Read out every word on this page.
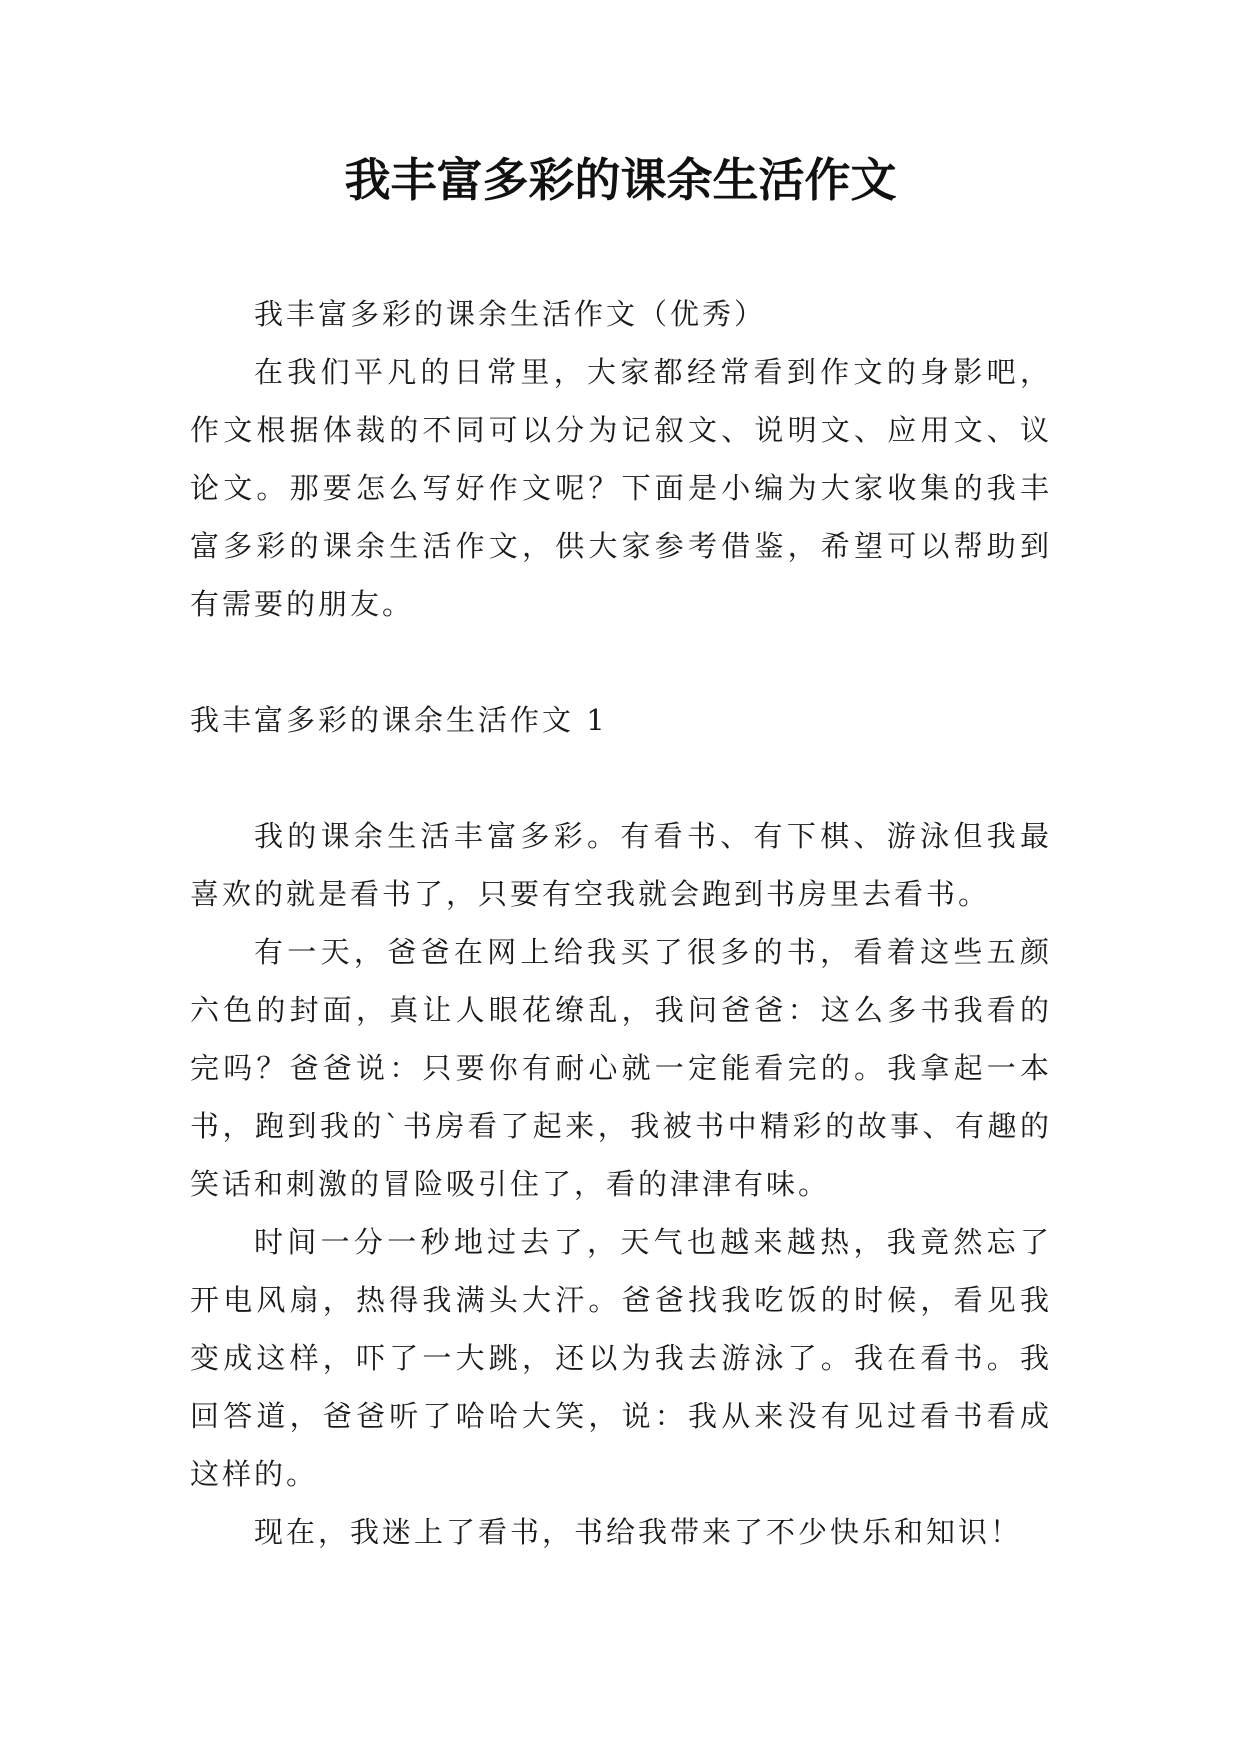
我丰富多彩的课余生活作文

我丰富多彩的课余生活作文（优秀）

在我们平凡的日常里，大家都经常看到作文的身影吧，作文根据体裁的不同可以分为记叙文、说明文、应用文、议论文。那要怎么写好作文呢？下面是小编为大家收集的我丰富多彩的课余生活作文，供大家参考借鉴，希望可以帮助到有需要的朋友。

我丰富多彩的课余生活作文 1

我的课余生活丰富多彩。有看书、有下棋、游泳但我最喜欢的就是看书了，只要有空我就会跑到书房里去看书。

有一天，爸爸在网上给我买了很多的书，看着这些五颜六色的封面，真让人眼花缭乱，我问爸爸：这么多书我看的完吗？爸爸说：只要你有耐心就一定能看完的。我拿起一本书，跑到我的`书房看了起来，我被书中精彩的故事、有趣的笑话和刺激的冒险吸引住了，看的津津有味。

时间一分一秒地过去了，天气也越来越热，我竟然忘了开电风扇，热得我满头大汗。爸爸找我吃饭的时候，看见我变成这样，吓了一大跳，还以为我去游泳了。我在看书。我回答道，爸爸听了哈哈大笑，说：我从来没有见过看书看成这样的。

现在，我迷上了看书，书给我带来了不少快乐和知识！
